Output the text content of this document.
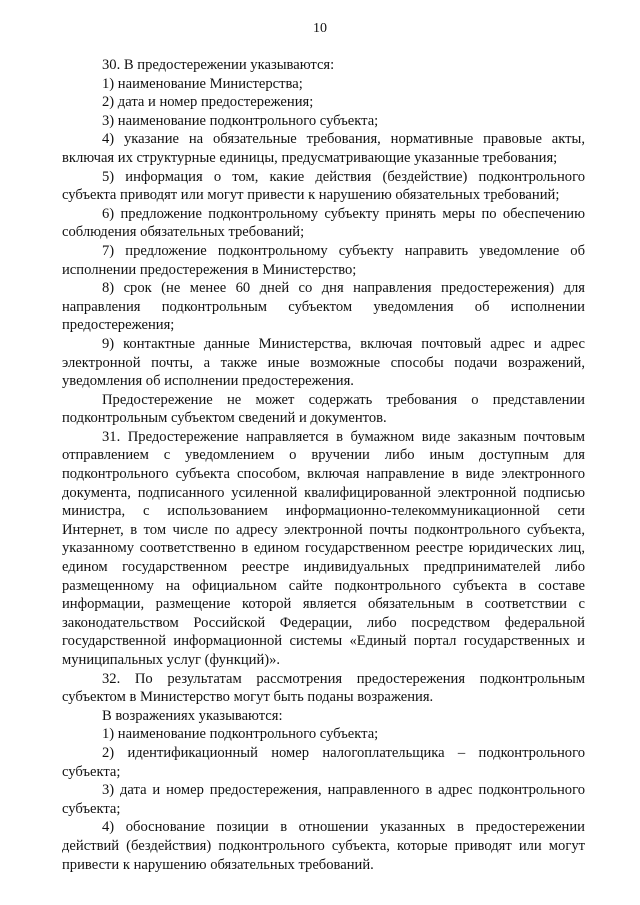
10

30. В предостережении указываются:

1) наименование Министерства;

2) дата и номер предостережения;

3) наименование подконтрольного субъекта;

4) указание на обязательные требования, нормативные правовые акты, включая их структурные единицы, предусматривающие указанные требования;

5) информация о том, какие действия (бездействие) подконтрольного субъекта приводят или могут привести к нарушению обязательных требований;

6) предложение подконтрольному субъекту принять меры по обеспечению соблюдения обязательных требований;

7) предложение подконтрольному субъекту направить уведомление об исполнении предостережения в Министерство;

8) срок (не менее 60 дней со дня направления предостережения) для направления подконтрольным субъектом уведомления об исполнении предостережения;

9) контактные данные Министерства, включая почтовый адрес и адрес электронной почты, а также иные возможные способы подачи возражений, уведомления об исполнении предостережения.

Предостережение не может содержать требования о представлении подконтрольным субъектом сведений и документов.

31. Предостережение направляется в бумажном виде заказным почтовым отправлением с уведомлением о вручении либо иным доступным для подконтрольного субъекта способом, включая направление в виде электронного документа, подписанного усиленной квалифицированной электронной подписью министра, с использованием информационно-телекоммуникационной сети Интернет, в том числе по адресу электронной почты подконтрольного субъекта, указанному соответственно в едином государственном реестре юридических лиц, едином государственном реестре индивидуальных предпринимателей либо размещенному на официальном сайте подконтрольного субъекта в составе информации, размещение которой является обязательным в соответствии с законодательством Российской Федерации, либо посредством федеральной государственной информационной системы «Единый портал государственных и муниципальных услуг (функций)».

32. По результатам рассмотрения предостережения подконтрольным субъектом в Министерство могут быть поданы возражения.

В возражениях указываются:

1) наименование подконтрольного субъекта;

2) идентификационный номер налогоплательщика – подконтрольного субъекта;

3) дата и номер предостережения, направленного в адрес подконтрольного субъекта;

4) обоснование позиции в отношении указанных в предостережении действий (бездействия) подконтрольного субъекта, которые приводят или могут привести к нарушению обязательных требований.
